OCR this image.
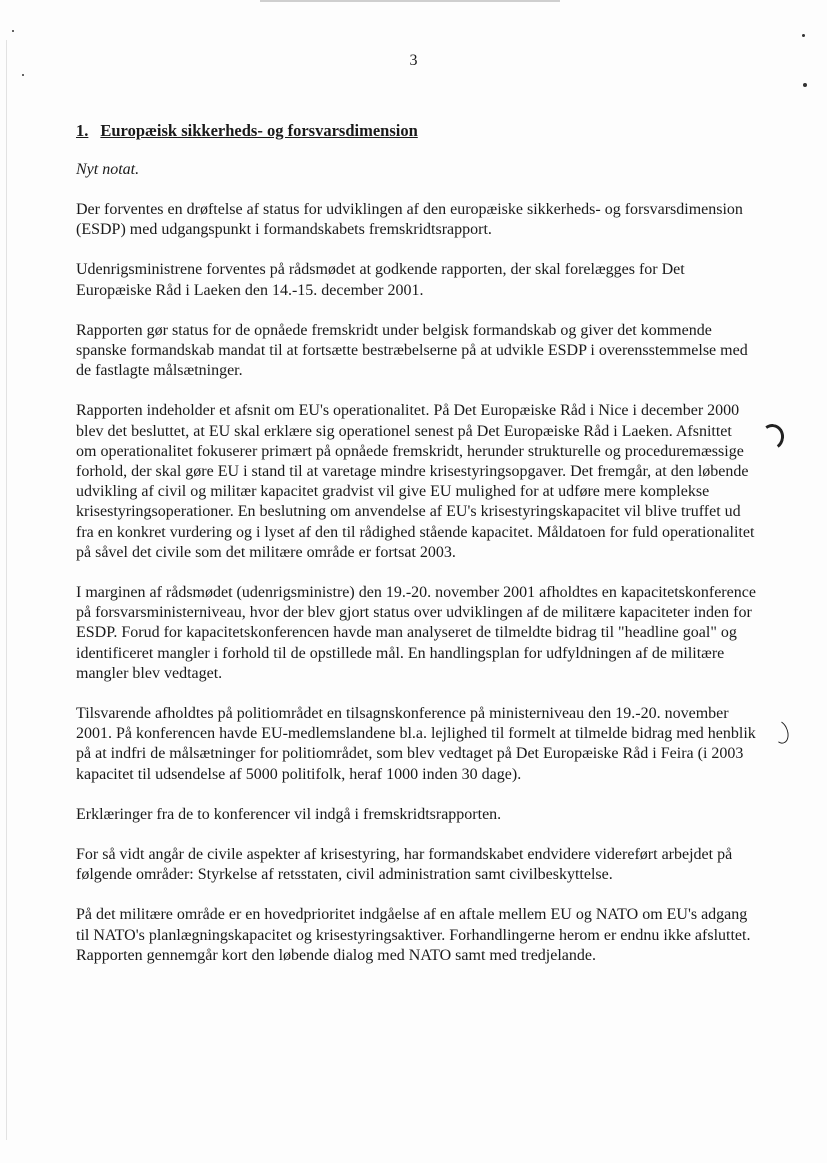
3
1. Europæisk sikkerheds- og forsvarsdimension
Nyt notat.

Der forventes en drøftelse af status for udviklingen af den europæiske sikkerheds- og forsvarsdimension (ESDP) med udgangspunkt i formandskabets fremskridtsrapport.

Udenrigsministrene forventes på rådsmødet at godkende rapporten, der skal forelægges for Det Europæiske Råd i Laeken den 14.-15. december 2001.

Rapporten gør status for de opnåede fremskridt under belgisk formandskab og giver det kommende spanske formandskab mandat til at fortsætte bestræbelserne på at udvikle ESDP i overensstemmelse med de fastlagte målsætninger.

Rapporten indeholder et afsnit om EU's operationalitet. På Det Europæiske Råd i Nice i december 2000 blev det besluttet, at EU skal erklære sig operationel senest på Det Europæiske Råd i Laeken. Afsnittet om operationalitet fokuserer primært på opnåede fremskridt, herunder strukturelle og proceduremæssige forhold, der skal gøre EU i stand til at varetage mindre krisestyringsopgaver. Det fremgår, at den løbende udvikling af civil og militær kapacitet gradvist vil give EU mulighed for at udføre mere komplekse krisestyringsoperationer. En beslutning om anvendelse af EU's krisestyringskapacitet vil blive truffet ud fra en konkret vurdering og i lyset af den til rådighed stående kapacitet. Måldatoen for fuld operationalitet på såvel det civile som det militære område er fortsat 2003.

I marginen af rådsmødet (udenrigsministre) den 19.-20. november 2001 afholdtes en kapacitetskonference på forsvarsministerniveau, hvor der blev gjort status over udviklingen af de militære kapaciteter inden for ESDP. Forud for kapacitetskonferencen havde man analyseret de tilmeldte bidrag til "headline goal" og identificeret mangler i forhold til de opstillede mål. En handlingsplan for udfyldningen af de militære mangler blev vedtaget.

Tilsvarende afholdtes på politiområdet en tilsagnskonference på ministerniveau den 19.-20. november 2001. På konferencen havde EU-medlemslandene bl.a. lejlighed til formelt at tilmelde bidrag med henblik på at indfri de målsætninger for politiområdet, som blev vedtaget på Det Europæiske Råd i Feira (i 2003 kapacitet til udsendelse af 5000 politifolk, heraf 1000 inden 30 dage).

Erklæringer fra de to konferencer vil indgå i fremskridtsrapporten.

For så vidt angår de civile aspekter af krisestyring, har formandskabet endvidere videreført arbejdet på følgende områder: Styrkelse af retsstaten, civil administration samt civilbeskyttelse.

På det militære område er en hovedprioritet indgåelse af en aftale mellem EU og NATO om EU's adgang til NATO's planlægningskapacitet og krisestyringsaktiver. Forhandlingerne herom er endnu ikke afsluttet. Rapporten gennemgår kort den løbende dialog med NATO samt med tredjelande.
